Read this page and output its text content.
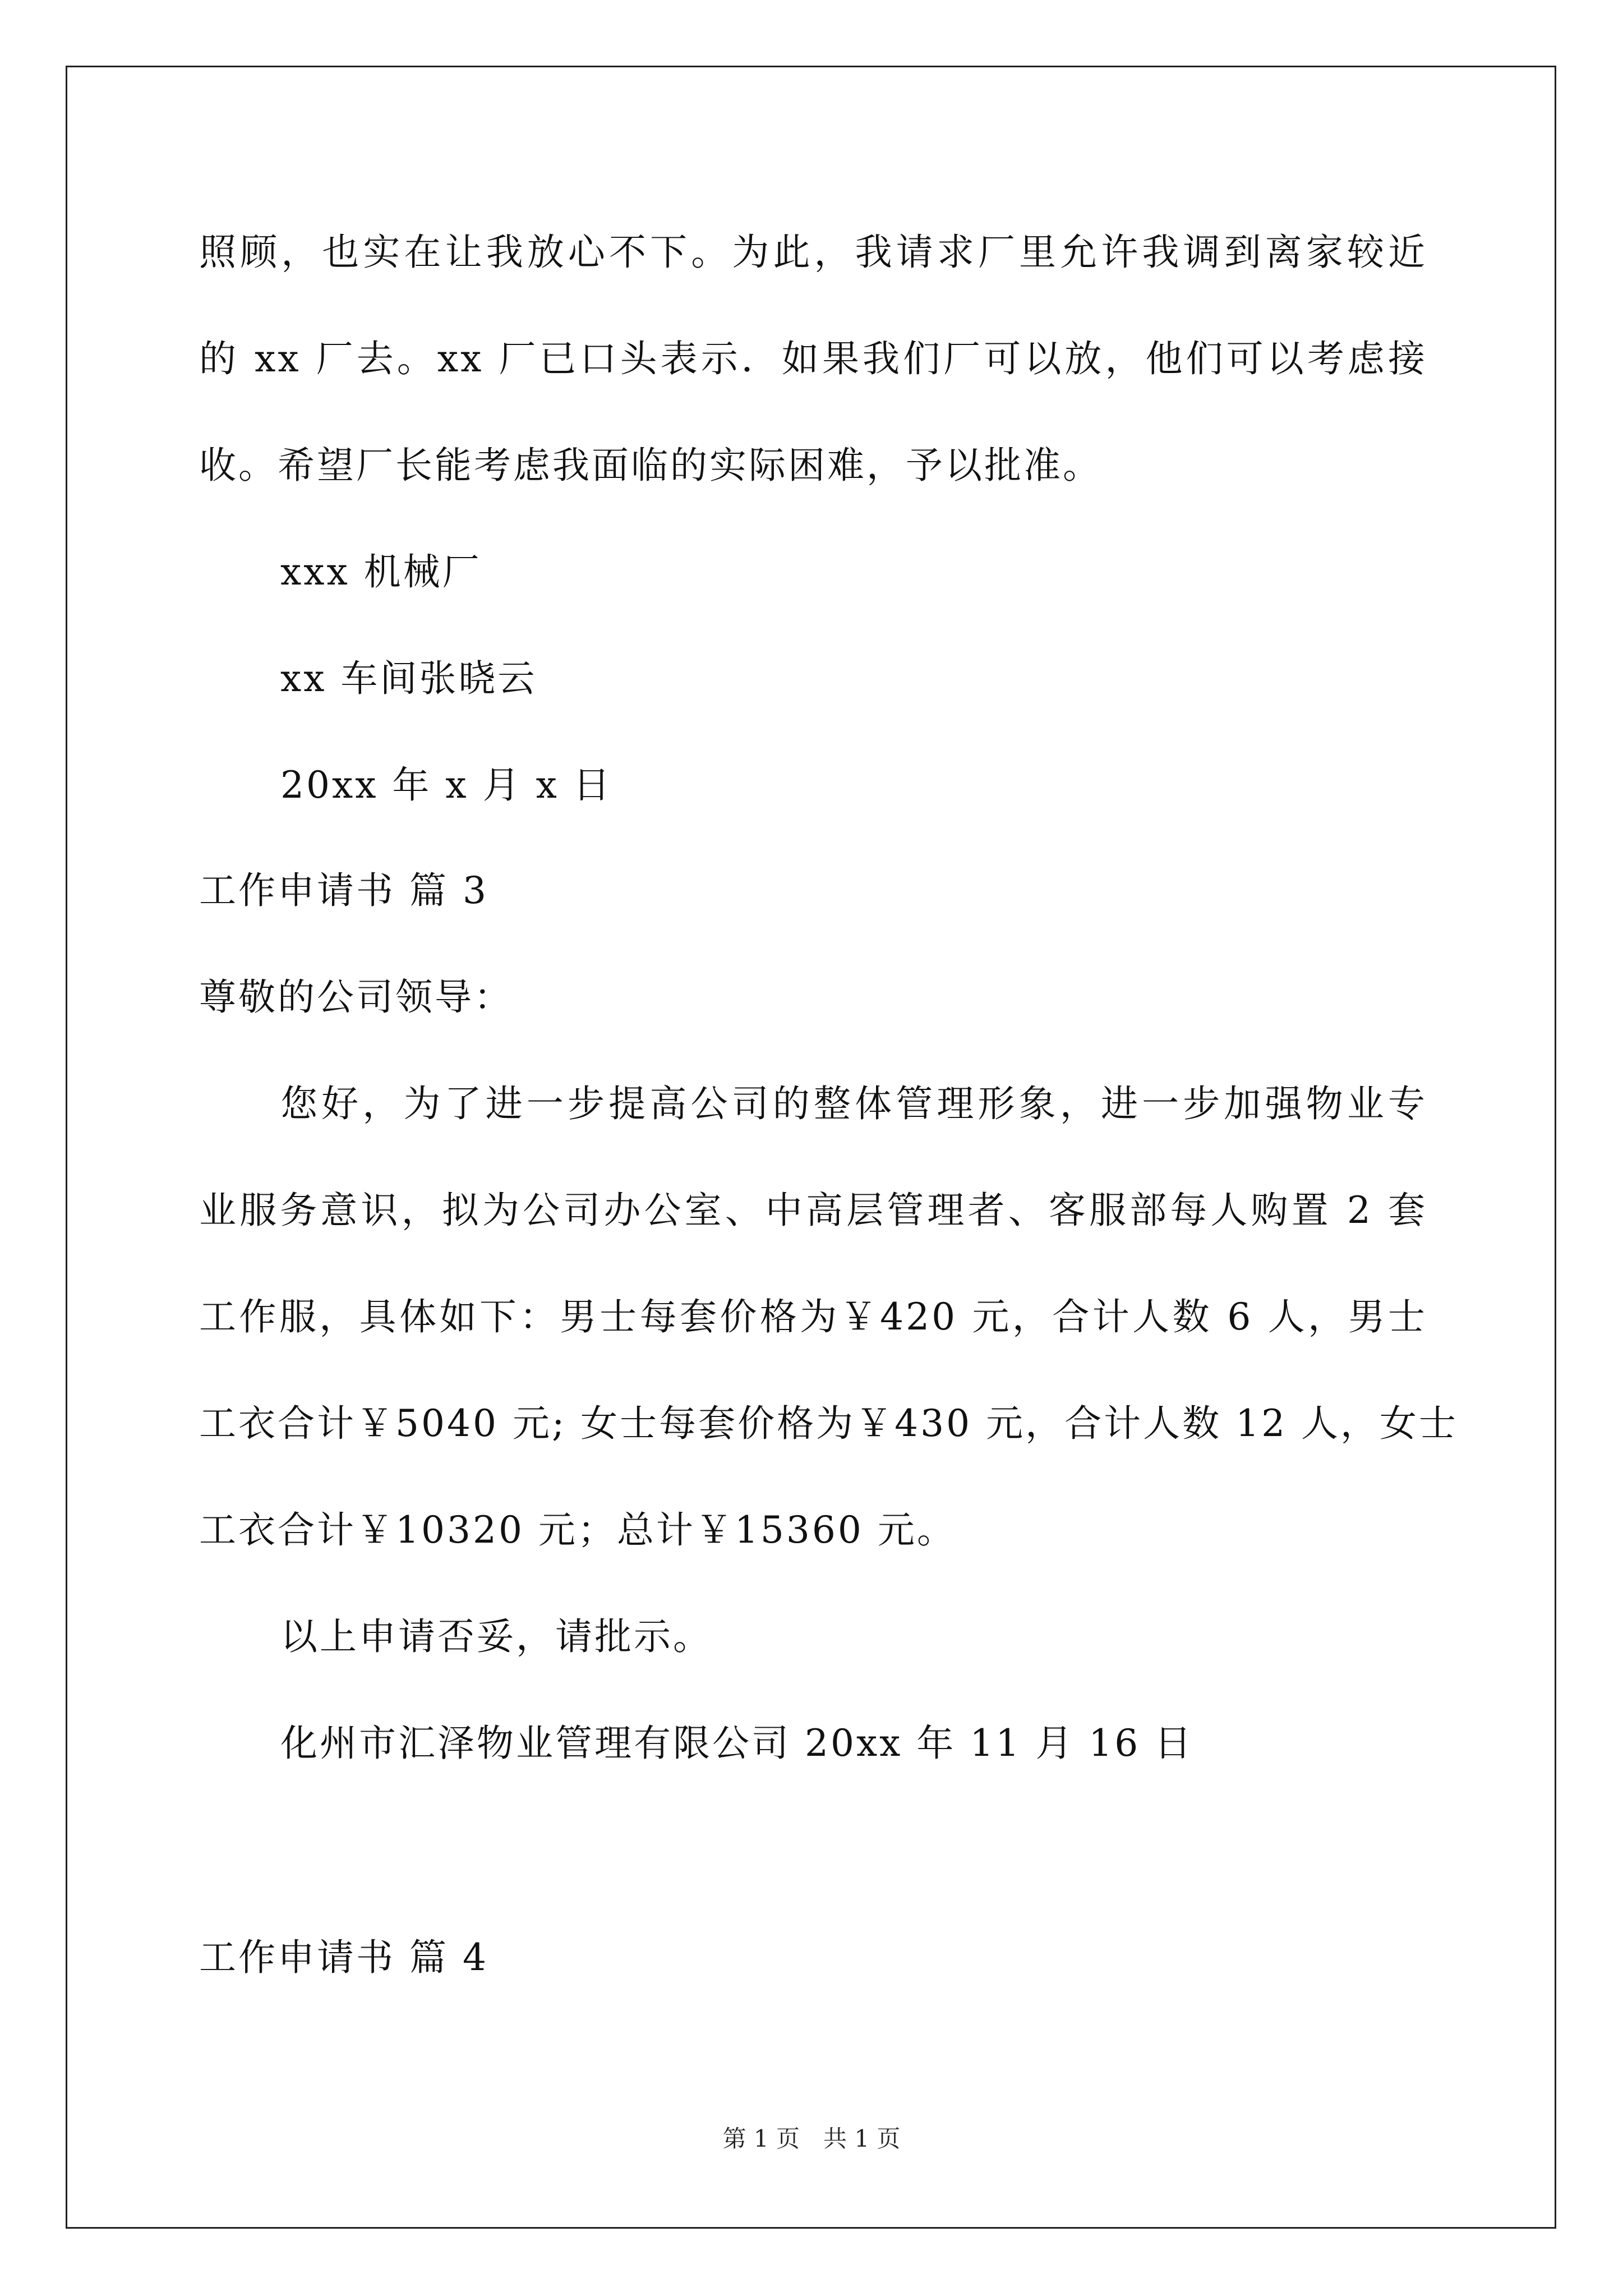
照顾，也实在让我放心不下。为此，我请求厂里允许我调到离家较近
的 xx 厂去。xx 厂已口头表示．如果我们厂可以放，他们可以考虑接
收。希望厂长能考虑我面临的实际困难，予以批准。
xxx 机械厂
xx 车间张晓云
20xx 年 x 月 x 日
工作申请书 篇 3
尊敬的公司领导：
您好，为了进一步提高公司的整体管理形象，进一步加强物业专
业服务意识，拟为公司办公室、中高层管理者、客服部每人购置 2 套
工作服，具体如下：男士每套价格为￥420 元，合计人数 6 人，男士
工衣合计￥5040 元; 女士每套价格为￥430 元，合计人数 12 人，女士
工衣合计￥10320 元；总计￥15360 元。
以上申请否妥，请批示。
化州市汇泽物业管理有限公司 20xx 年 11 月 16 日
工作申请书 篇 4
第 1 页　共 1 页
